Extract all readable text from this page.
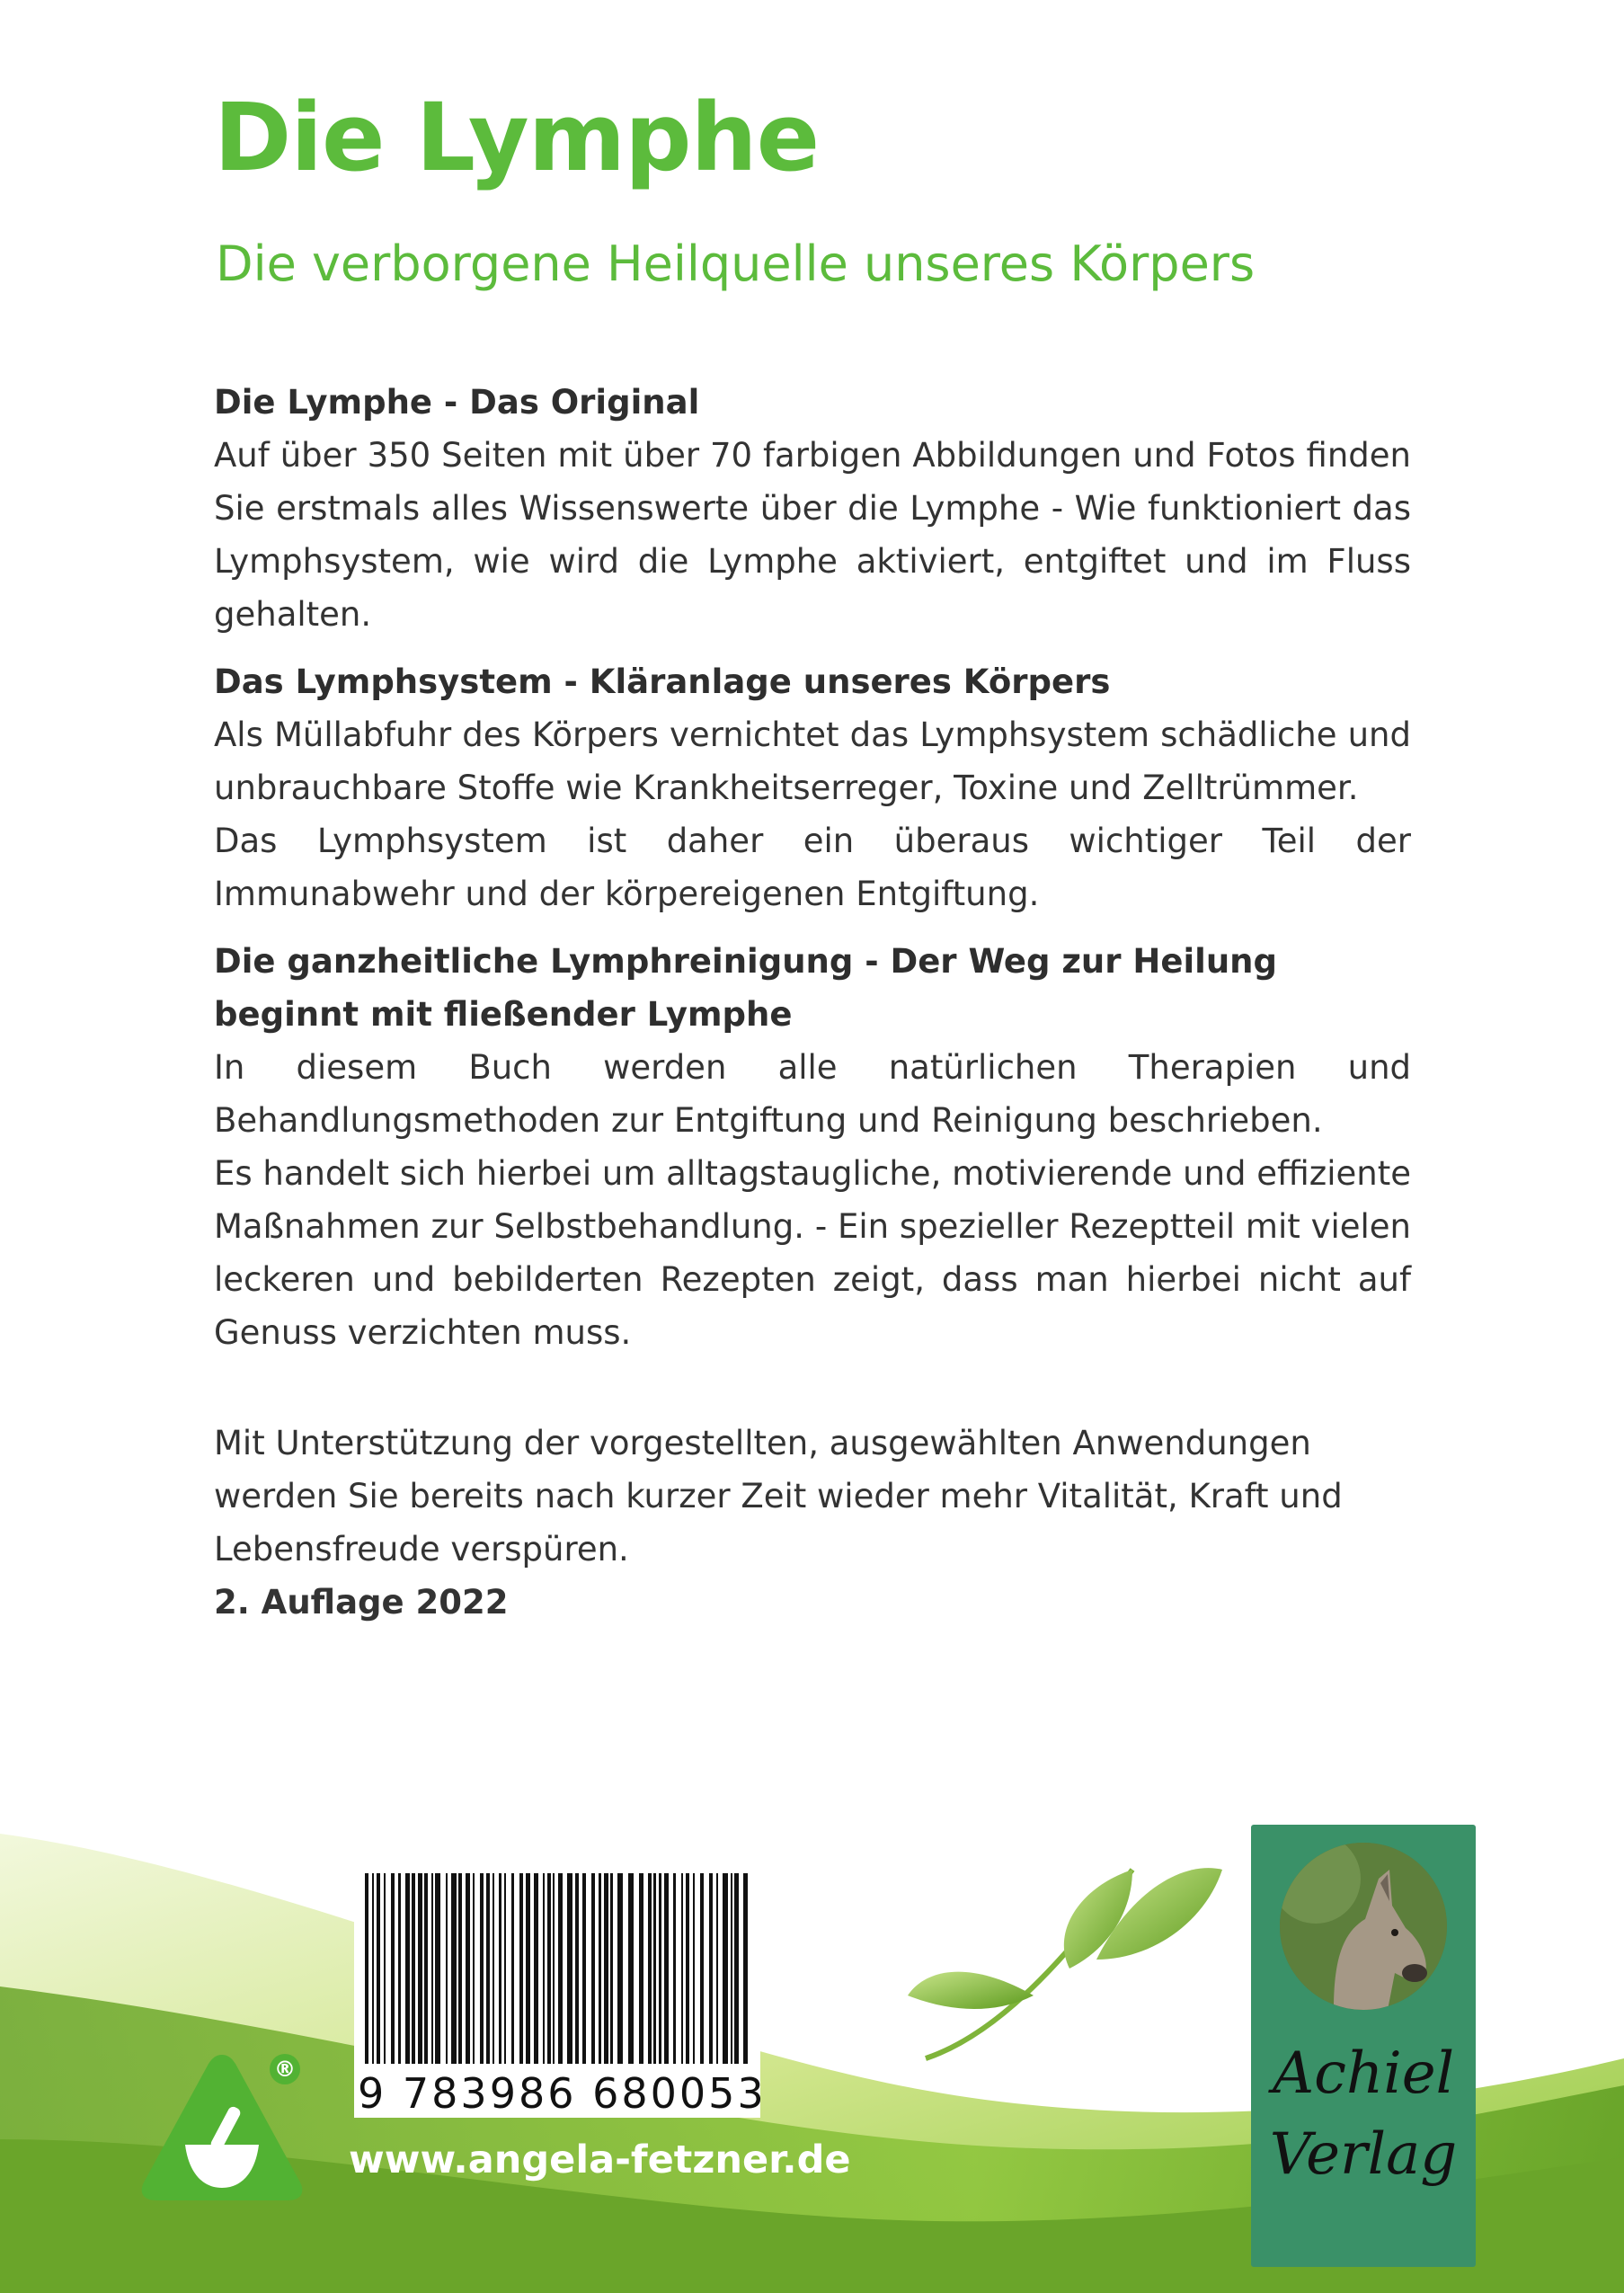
Die Lymphe
Die verborgene Heilquelle unseres Körpers
Die Lymphe - Das Original

Auf über 350 Seiten mit über 70 farbigen Abbildungen und Fotos finden Sie erstmals alles Wissenswerte über die Lymphe - Wie funktioniert das Lymphsystem, wie wird die Lymphe aktiviert, entgiftet und im Fluss gehalten.

Das Lymphsystem - Kläranlage unseres Körpers

Als Müllabfuhr des Körpers vernichtet das Lymphsystem schädliche und unbrauchbare Stoffe wie Krankheitserreger, Toxine und Zelltrümmer.

Das Lymphsystem ist daher ein überaus wichtiger Teil der Immunabwehr und der körpereigenen Entgiftung.

Die ganzheitliche Lymphreinigung - Der Weg zur Heilung beginnt mit fließender Lymphe

In diesem Buch werden alle natürlichen Therapien und Behandlungsmethoden zur Entgiftung und Reinigung beschrieben.

Es handelt sich hierbei um alltagstaugliche, motivierende und effiziente Maßnahmen zur Selbstbehandlung. - Ein spezieller Rezeptteil mit vielen leckeren und bebilderten Rezepten zeigt, dass man hierbei nicht auf Genuss verzichten muss.

Mit Unterstützung der vorgestellten, ausgewählten Anwendungen werden Sie bereits nach kurzer Zeit wieder mehr Vitalität, Kraft und Lebensfreude verspüren.

2. Auflage 2022

9 783986 680053
®
www.angela-fetzner.de
Achiel
Verlag
